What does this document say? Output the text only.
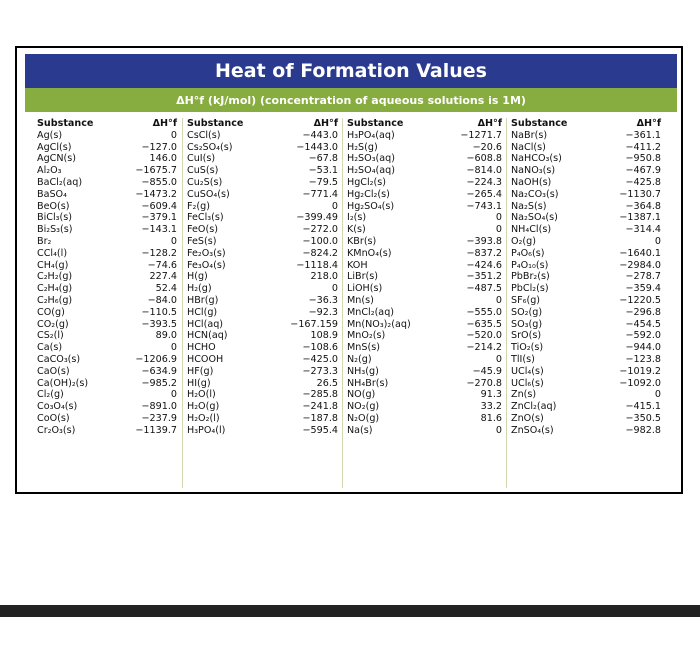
Heat of Formation Values
ΔH°f (kJ/mol) (concentration of aqueous solutions is 1M)
Substance	ΔH°f
Ag(s)	0
AgCl(s)	−127.0
AgCN(s)	146.0
Al₂O₃	−1675.7
BaCl₂(aq)	−855.0
BaSO₄	−1473.2
BeO(s)	−609.4
BiCl₃(s)	−379.1
Bi₂S₃(s)	−143.1
Br₂	0
CCl₄(l)	−128.2
CH₄(g)	−74.6
C₂H₂(g)	227.4
C₂H₄(g)	52.4
C₂H₆(g)	−84.0
CO(g)	−110.5
CO₂(g)	−393.5
CS₂(l)	89.0
Ca(s)	0
CaCO₃(s)	−1206.9
CaO(s)	−634.9
Ca(OH)₂(s)	−985.2
Cl₂(g)	0
Co₃O₄(s)	−891.0
CoO(s)	−237.9
Cr₂O₃(s)	−1139.7
Substance	ΔH°f
CsCl(s)	−443.0
Cs₂SO₄(s)	−1443.0
CuI(s)	−67.8
CuS(s)	−53.1
Cu₂S(s)	−79.5
CuSO₄(s)	−771.4
F₂(g)	0
FeCl₃(s)	−399.49
FeO(s)	−272.0
FeS(s)	−100.0
Fe₂O₃(s)	−824.2
Fe₃O₄(s)	−1118.4
H(g)	218.0
H₂(g)	0
HBr(g)	−36.3
HCl(g)	−92.3
HCl(aq)	−167.159
HCN(aq)	108.9
HCHO	−108.6
HCOOH	−425.0
HF(g)	−273.3
HI(g)	26.5
H₂O(l)	−285.8
H₂O(g)	−241.8
H₂O₂(l)	−187.8
H₃PO₄(l)	−595.4
Substance	ΔH°f
H₃PO₄(aq)	−1271.7
H₂S(g)	−20.6
H₂SO₃(aq)	−608.8
H₂SO₄(aq)	−814.0
HgCl₂(s)	−224.3
Hg₂Cl₂(s)	−265.4
Hg₂SO₄(s)	−743.1
I₂(s)	0
K(s)	0
KBr(s)	−393.8
KMnO₄(s)	−837.2
KOH	−424.6
LiBr(s)	−351.2
LiOH(s)	−487.5
Mn(s)	0
MnCl₂(aq)	−555.0
Mn(NO₃)₂(aq)	−635.5
MnO₂(s)	−520.0
MnS(s)	−214.2
N₂(g)	0
NH₃(g)	−45.9
NH₄Br(s)	−270.8
NO(g)	91.3
NO₂(g)	33.2
N₂O(g)	81.6
Na(s)	0
Substance	ΔH°f
NaBr(s)	−361.1
NaCl(s)	−411.2
NaHCO₃(s)	−950.8
NaNO₃(s)	−467.9
NaOH(s)	−425.8
Na₂CO₃(s)	−1130.7
Na₂S(s)	−364.8
Na₂SO₄(s)	−1387.1
NH₄Cl(s)	−314.4
O₂(g)	0
P₄O₆(s)	−1640.1
P₄O₁₀(s)	−2984.0
PbBr₂(s)	−278.7
PbCl₂(s)	−359.4
SF₆(g)	−1220.5
SO₂(g)	−296.8
SO₃(g)	−454.5
SrO(s)	−592.0
TiO₂(s)	−944.0
TlI(s)	−123.8
UCl₄(s)	−1019.2
UCl₆(s)	−1092.0
Zn(s)	0
ZnCl₂(aq)	−415.1
ZnO(s)	−350.5
ZnSO₄(s)	−982.8
